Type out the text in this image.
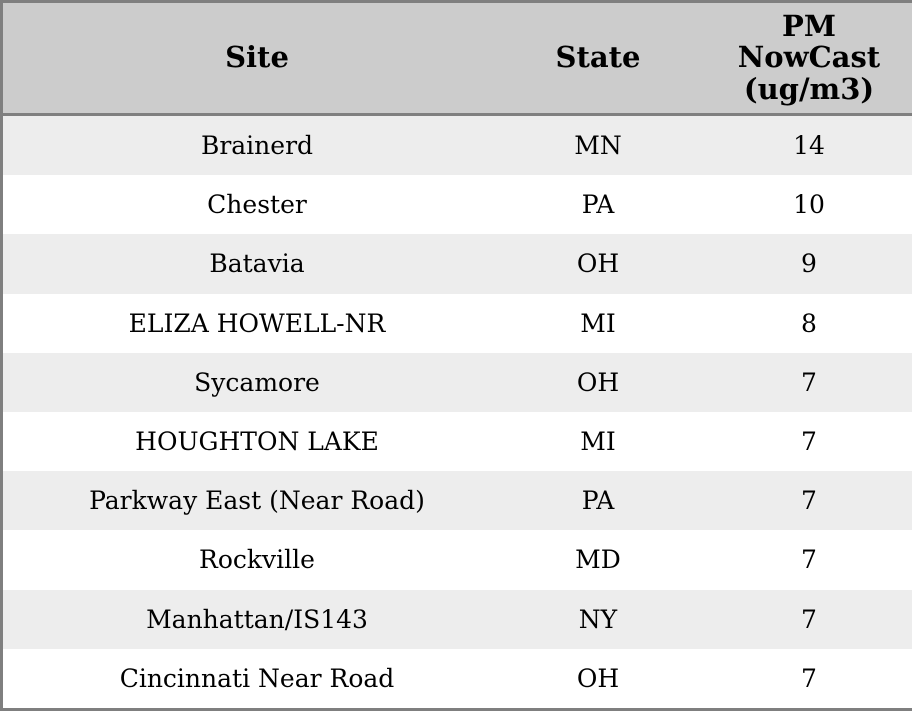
Site	State	PM
NowCast
(ug/m3)

Brainerd	MN	14
Chester	PA	10
Batavia	OH	9
ELIZA HOWELL-NR	MI	8
Sycamore	OH	7
HOUGHTON LAKE	MI	7
Parkway East (Near Road)	PA	7
Rockville	MD	7
Manhattan/IS143	NY	7
Cincinnati Near Road	OH	7
